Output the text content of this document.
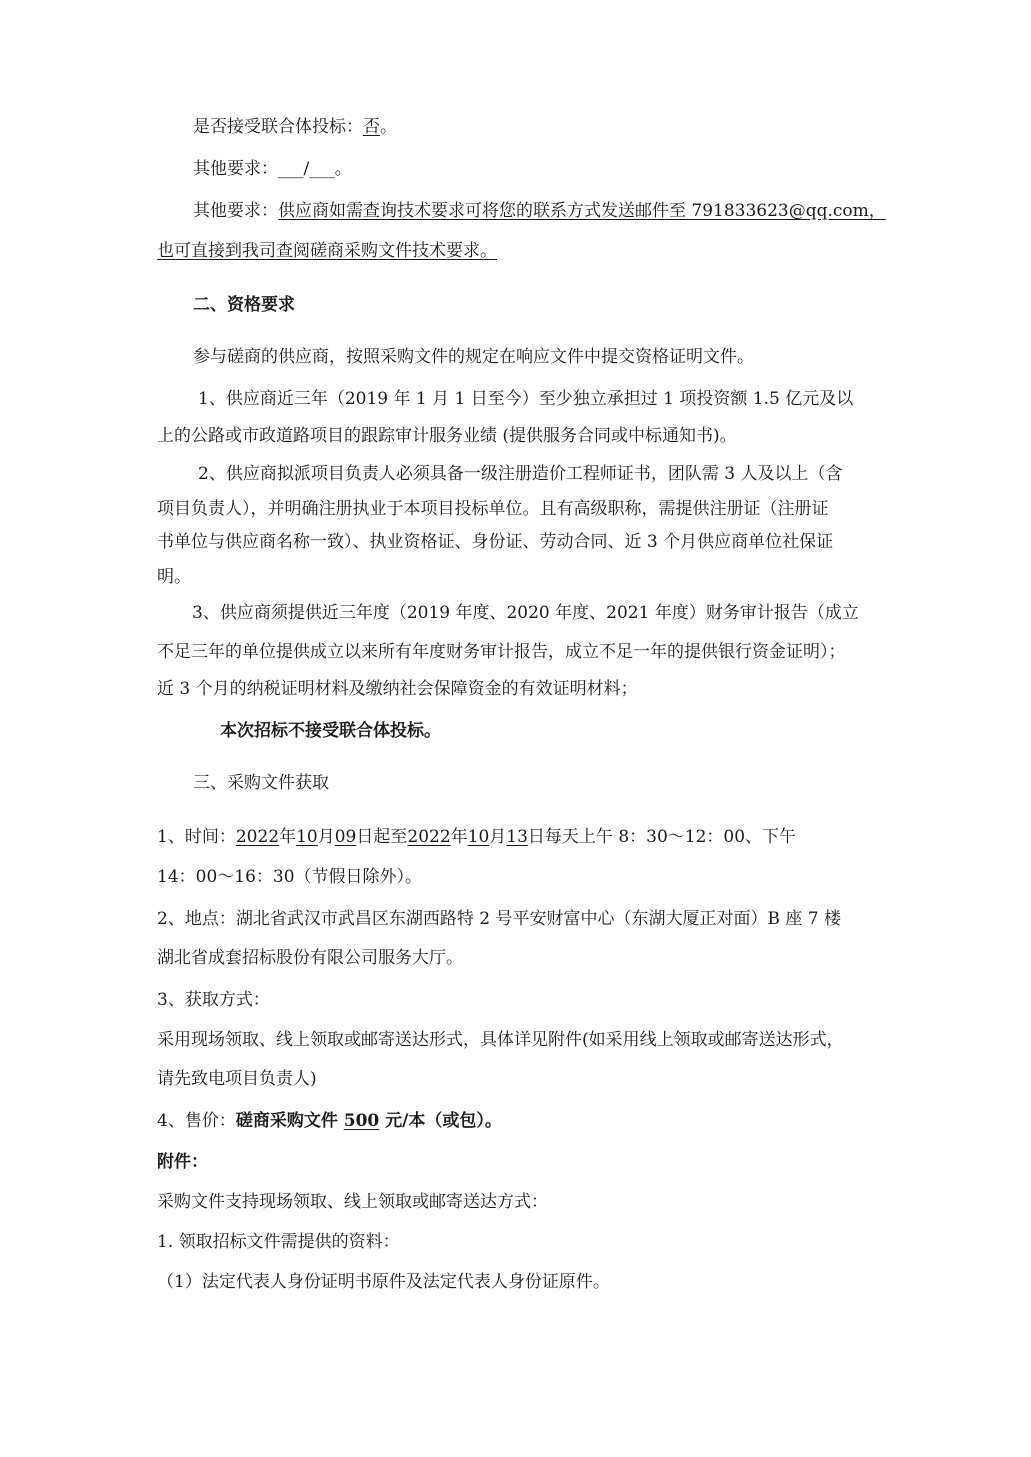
是否接受联合体投标：否。
其他要求：___/___。
其他要求：供应商如需查询技术要求可将您的联系方式发送邮件至 791833623@qq.com，
也可直接到我司查阅磋商采购文件技术要求。
二、资格要求
参与磋商的供应商，按照采购文件的规定在响应文件中提交资格证明文件。
1、供应商近三年（2019 年 1 月 1 日至今）至少独立承担过 1 项投资额 1.5 亿元及以
上的公路或市政道路项目的跟踪审计服务业绩 (提供服务合同或中标通知书)。
2、供应商拟派项目负责人必须具备一级注册造价工程师证书，团队需 3 人及以上（含
项目负责人），并明确注册执业于本项目投标单位。且有高级职称，需提供注册证（注册证
书单位与供应商名称一致）、执业资格证、身份证、劳动合同、近 3 个月供应商单位社保证
明。
3、供应商须提供近三年度（2019 年度、2020 年度、2021 年度）财务审计报告（成立
不足三年的单位提供成立以来所有年度财务审计报告，成立不足一年的提供银行资金证明）；
近 3 个月的纳税证明材料及缴纳社会保障资金的有效证明材料；
本次招标不接受联合体投标。
三、采购文件获取
1、时间：2022年10月09日起至2022年10月13日每天上午 8：30～12：00、下午
14：00～16：30（节假日除外）。
2、地点：湖北省武汉市武昌区东湖西路特 2 号平安财富中心（东湖大厦正对面）B 座 7 楼
湖北省成套招标股份有限公司服务大厅。
3、获取方式：
采用现场领取、线上领取或邮寄送达形式，具体详见附件(如采用线上领取或邮寄送达形式，
请先致电项目负责人)
4、售价：磋商采购文件 500 元/本（或包）。
附件：
采购文件支持现场领取、线上领取或邮寄送达方式：
1. 领取招标文件需提供的资料：
（1）法定代表人身份证明书原件及法定代表人身份证原件。
